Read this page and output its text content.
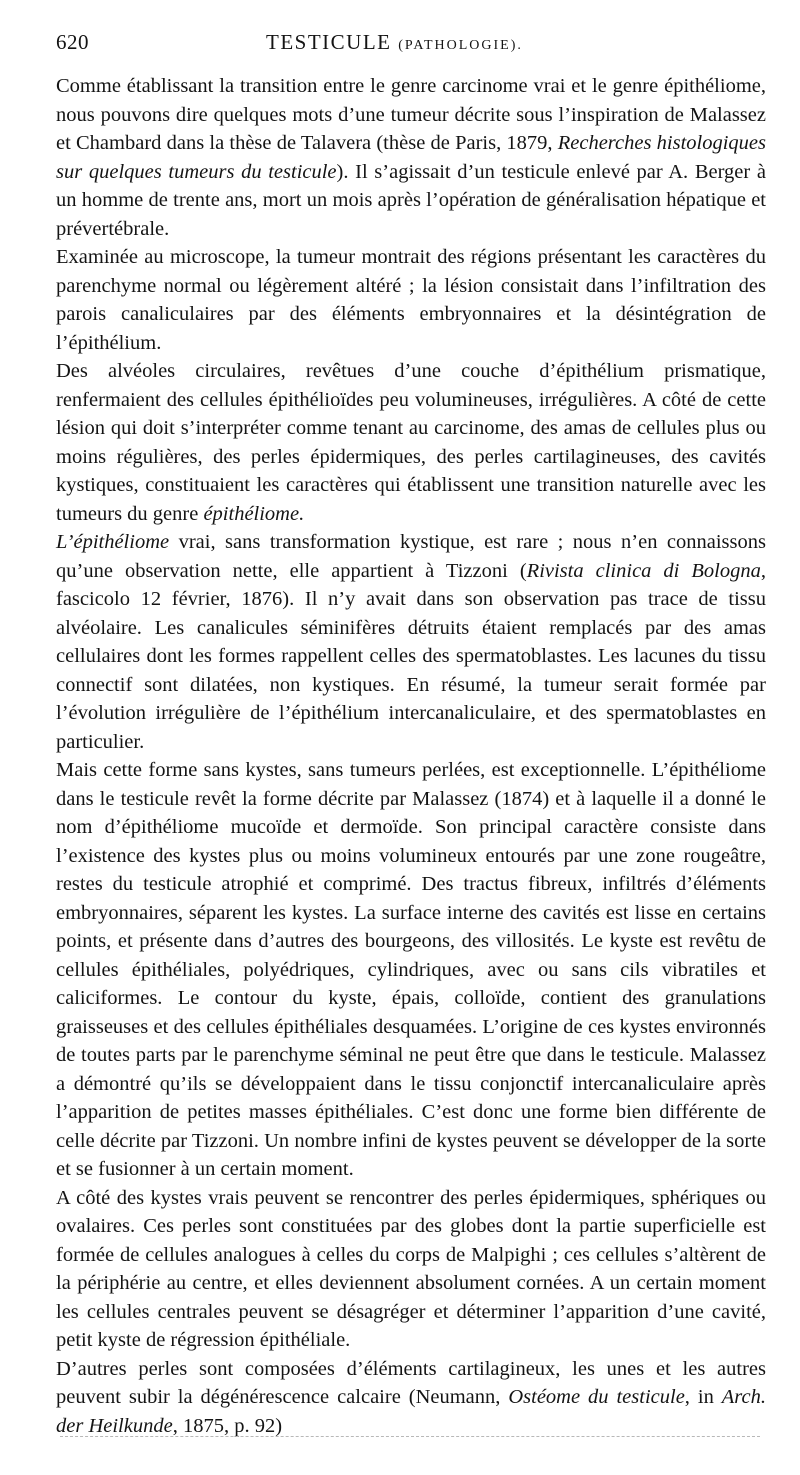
620	TESTICULE (PATHOLOGIE).

Comme établissant la transition entre le genre carcinome vrai et le genre épithéliome, nous pouvons dire quelques mots d’une tumeur décrite sous l’inspiration de Malassez et Chambard dans la thèse de Talavera (thèse de Paris, 1879, Recherches histologiques sur quelques tumeurs du testicule). Il s’agissait d’un testicule enlevé par A. Berger à un homme de trente ans, mort un mois après l’opération de généralisation hépatique et prévertébrale.

Examinée au microscope, la tumeur montrait des régions présentant les caractères du parenchyme normal ou légèrement altéré ; la lésion consistait dans l’infiltration des parois canaliculaires par des éléments embryonnaires et la désintégration de l’épithélium.

Des alvéoles circulaires, revêtues d’une couche d’épithélium prismatique, renfermaient des cellules épithélioïdes peu volumineuses, irrégulières. A côté de cette lésion qui doit s’interpréter comme tenant au carcinome, des amas de cellules plus ou moins régulières, des perles épidermiques, des perles cartilagineuses, des cavités kystiques, constituaient les caractères qui établissent une transition naturelle avec les tumeurs du genre épithéliome.

L’épithéliome vrai, sans transformation kystique, est rare ; nous n’en connaissons qu’une observation nette, elle appartient à Tizzoni (Rivista clinica di Bologna, fascicolo 12 février, 1876). Il n’y avait dans son observation pas trace de tissu alvéolaire. Les canalicules séminifères détruits étaient remplacés par des amas cellulaires dont les formes rappellent celles des spermatoblastes. Les lacunes du tissu connectif sont dilatées, non kystiques. En résumé, la tumeur serait formée par l’évolution irrégulière de l’épithélium intercanaliculaire, et des spermatoblastes en particulier.

Mais cette forme sans kystes, sans tumeurs perlées, est exceptionnelle. L’épithéliome dans le testicule revêt la forme décrite par Malassez (1874) et à laquelle il a donné le nom d’épithéliome mucoïde et dermoïde. Son principal caractère consiste dans l’existence des kystes plus ou moins volumineux entourés par une zone rougeâtre, restes du testicule atrophié et comprimé. Des tractus fibreux, infiltrés d’éléments embryonnaires, séparent les kystes. La surface interne des cavités est lisse en certains points, et présente dans d’autres des bourgeons, des villosités. Le kyste est revêtu de cellules épithéliales, polyédriques, cylindriques, avec ou sans cils vibratiles et caliciformes. Le contour du kyste, épais, colloïde, contient des granulations graisseuses et des cellules épithéliales desquamées. L’origine de ces kystes environnés de toutes parts par le parenchyme séminal ne peut être que dans le testicule. Malassez a démontré qu’ils se développaient dans le tissu conjonctif intercanaliculaire après l’apparition de petites masses épithéliales. C’est donc une forme bien différente de celle décrite par Tizzoni. Un nombre infini de kystes peuvent se développer de la sorte et se fusionner à un certain moment.

A côté des kystes vrais peuvent se rencontrer des perles épidermiques, sphériques ou ovalaires. Ces perles sont constituées par des globes dont la partie superficielle est formée de cellules analogues à celles du corps de Malpighi ; ces cellules s’altèrent de la périphérie au centre, et elles deviennent absolument cornées. A un certain moment les cellules centrales peuvent se désagréger et déterminer l’apparition d’une cavité, petit kyste de régression épithéliale.

D’autres perles sont composées d’éléments cartilagineux, les unes et les autres peuvent subir la dégénérescence calcaire (Neumann, Ostéome du testicule, in Arch. der Heilkunde, 1875, p. 92)
